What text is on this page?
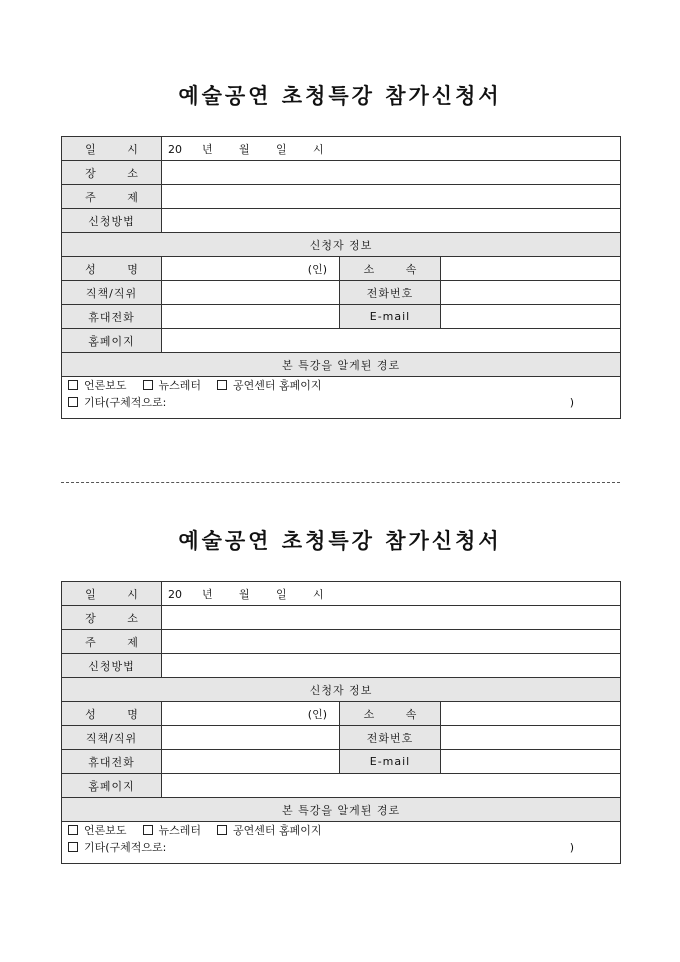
예술공연 초청특강 참가신청서
일 시	20 년 월 일 시		
장 소			
주 제			
신청방법			
신청자 정보			
성 명	(인)	소 속	
직책/직위		전화번호	
휴대전화		E-mail	
홈페이지			
본 특강을 알게된 경로			

언론보도 뉴스레터 공연센터 홈페이지
기타(구체적으로: )			
예술공연 초청특강 참가신청서
일 시	20 년 월 일 시		
장 소			
주 제			
신청방법			
신청자 정보			
성 명	(인)	소 속	
직책/직위		전화번호	
휴대전화		E-mail	
홈페이지			
본 특강을 알게된 경로			

언론보도 뉴스레터 공연센터 홈페이지
기타(구체적으로: )			
